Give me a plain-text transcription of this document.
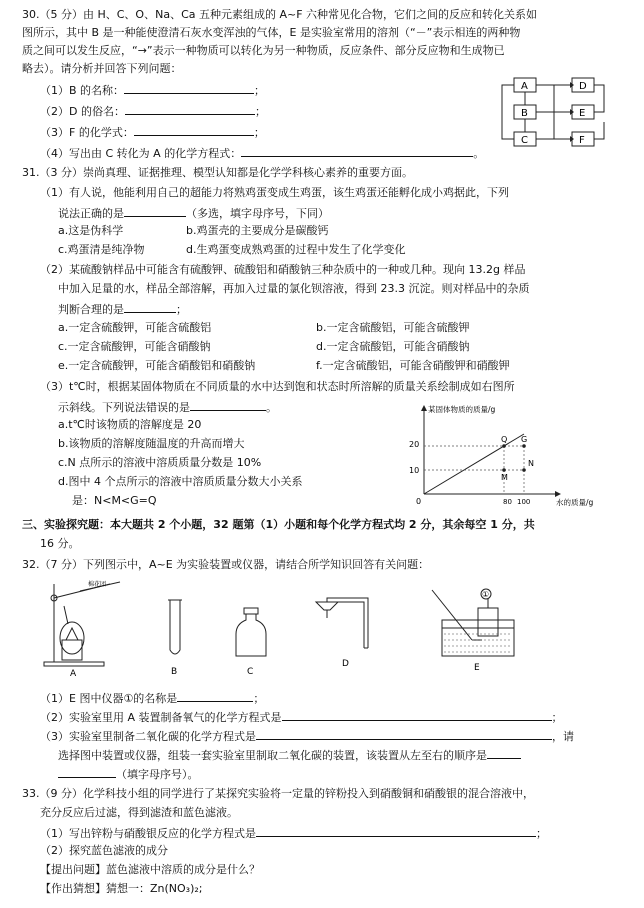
30.（5 分）由 H、C、O、Na、Ca 五种元素组成的 A~F 六种常见化合物，它们之间的反应和转化关系如
图所示，其中 B 是一种能使澄清石灰水变浑浊的气体，E 是实验室常用的溶剂（“－”表示相连的两种物
质之间可以发生反应，“→”表示一种物质可以转化为另一种物质，反应条件、部分反应物和生成物已
略去）。请分析并回答下列问题：
（1）B 的名称：	；
（2）D 的俗名：	；
（3）F 的化学式：	；
（4）写出由 C 转化为 A 的化学方程式：	。
A	D
B	E
C	F
31.（3 分）崇尚真理、证据推理、模型认知都是化学学科核心素养的重要方面。
（1）有人说，他能利用自己的超能力将熟鸡蛋变成生鸡蛋，该生鸡蛋还能孵化成小鸡据此，下列
说法正确的是	（多选，填字母序号，下同）
a.这是伪科学	b.鸡蛋壳的主要成分是碳酸钙
c.鸡蛋清是纯净物	d.生鸡蛋变成熟鸡蛋的过程中发生了化学变化
（2）某硫酸钠样品中可能含有硫酸钾、硫酸铝和硝酸钠三种杂质中的一种或几种。现向 13.2g 样品
中加入足量的水，样品全部溶解，再加入过量的氯化钡溶液，得到 23.3 沉淀。则对样品中的杂质
判断合理的是	；
a.一定含硫酸钾，可能含硫酸铝	b.一定含硫酸铝，可能含硫酸钾
c.一定含硫酸钾，可能含硝酸钠	d.一定含硫酸铝，可能含硝酸钠
e.一定含硫酸钾，可能含硝酸铝和硝酸钠	f.一定含硫酸铝，可能含硝酸钾和硝酸钾
（3）t℃时，根据某固体物质在不同质量的水中达到饱和状态时所溶解的质量关系绘制成如右图所
示斜线。下列说法错误的是	。
a.t℃时该物质的溶解度是 20
b.该物质的溶解度随温度的升高而增大
c.N 点所示的溶液中溶质质量分数是 10%
d.图中 4 个点所示的溶液中溶质质量分数大小关系
是：N<M<G=Q
某固体物质的质量/g
水的质量/g
0
20
10
80 100
Q G
M
N
三、实验探究题：本大题共 2 个小题，32 题第（1）小题和每个化学方程式均 2 分，其余每空 1 分，共
16 分。
32.（7 分）下列图示中，A~E 为实验装置或仪器，请结合所学知识回答有关问题：
棉花团
A	B	C
D
①
E
（1）E 图中仪器①的名称是	；
（2）实验室里用 A 装置制备氧气的化学方程式是	；
（3）实验室里制备二氧化碳的化学方程式是	，请
选择图中装置或仪器，组装一套实验室里制取二氧化碳的装置，该装置从左至右的顺序是
（填字母序号）。
33.（9 分）化学科技小组的同学进行了某探究实验将一定量的锌粉投入到硝酸铜和硝酸银的混合溶液中，
充分反应后过滤，得到滤渣和蓝色滤液。
（1）写出锌粉与硝酸银反应的化学方程式是	；
（2）探究蓝色滤液的成分
【提出问题】蓝色滤液中溶质的成分是什么？
【作出猜想】猜想一：Zn(NO₃)₂;
